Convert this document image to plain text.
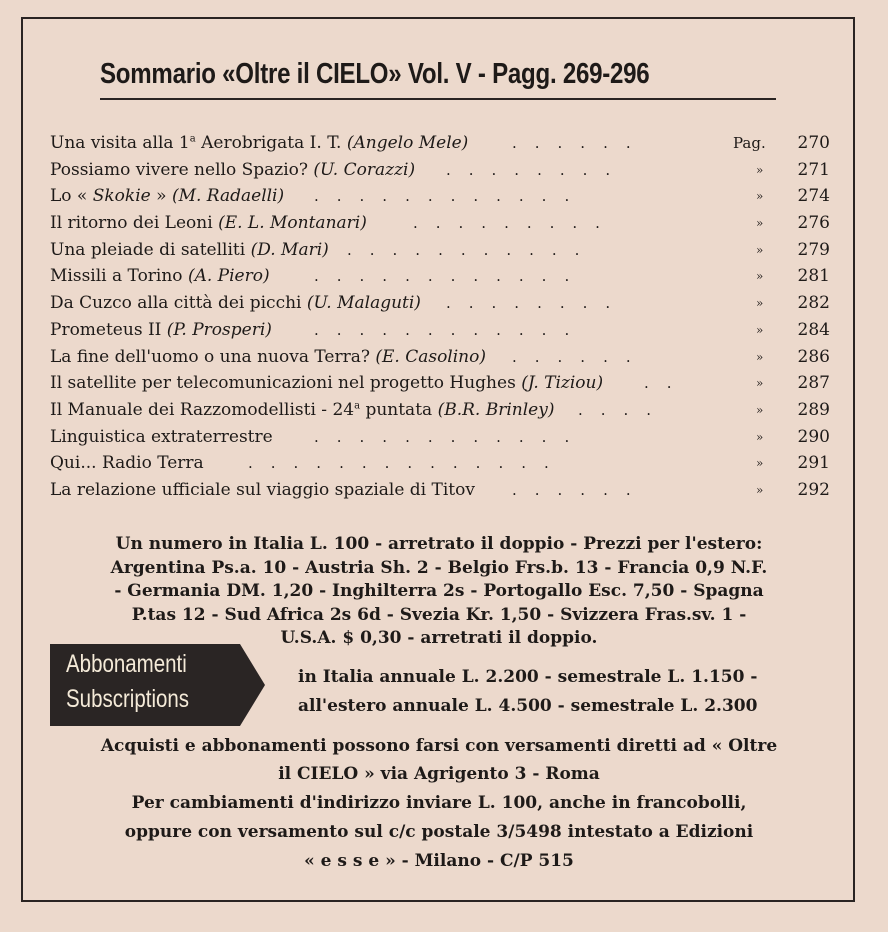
Sommario «Oltre il CIELO» Vol. V - Pagg. 269-296
Una visita alla 1$^a$ Aerobrigata I. T. (Angelo Mele)	......	Pag. 270
Possiamo vivere nello Spazio? (U. Corazzi) ........	» 271
Lo « Skokie » (M. Radaelli) ............	» 274
Il ritorno dei Leoni (E. L. Montanari)	.........	» 276
Una pleiade di satelliti (D. Mari) ...........	» 279
Missili a Torino (A. Piero)	............	» 281
Da Cuzco alla città dei picchi (U. Malaguti) ........	» 282
Prometeus II (P. Prosperi)	............	» 284
La fine dell'uomo o una nuova Terra? (E. Casolino) ......	» 286
Il satellite per telecomunicazioni nel progetto Hughes (J. Tiziou)	..	» 287
Il Manuale dei Razzomodellisti - 24$^a$ puntata (B.R. Brinley) ....	» 289
Linguistica extraterrestre	............	» 290
Qui... Radio Terra	..............	» 291
La relazione ufficiale sul viaggio spaziale di Titov ......	» 292
Un numero in Italia L. 100 - arretrato il doppio - Prezzi per l'estero:
Argentina Ps.a. 10 - Austria Sh. 2 - Belgio Frs.b. 13 - Francia 0,9 N.F.
- Germania DM. 1,20 - Inghilterra 2s - Portogallo Esc. 7,50 - Spagna
P.tas 12 - Sud Africa 2s 6d - Svezia Kr. 1,50 - Svizzera Fras.sv. 1 -
U.S.A. $ 0,30 - arretrati il doppio.
Abbonamenti
Subscriptions
in Italia annuale L. 2.200 - semestrale L. 1.150 -
all'estero annuale L. 4.500 - semestrale L. 2.300
Acquisti e abbonamenti possono farsi con versamenti diretti ad « Oltre
il CIELO » via Agrigento 3 - Roma
Per cambiamenti d'indirizzo inviare L. 100, anche in francobolli,
oppure con versamento sul c/c postale 3/5498 intestato a Edizioni
« e s s e » - Milano - C/P 515
